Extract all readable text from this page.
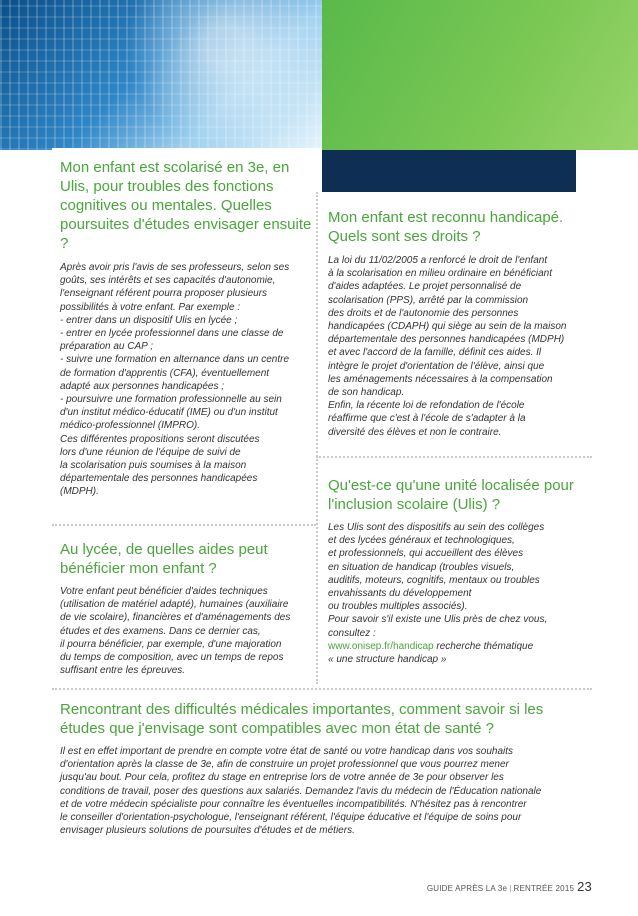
Mon enfant est scolarisé en 3e, en Ulis, pour troubles des fonctions cognitives ou mentales. Quelles poursuites d'études envisager ensuite ?

Après avoir pris l'avis de ses professeurs, selon ses

goûts, ses intérêts et ses capacités d'autonomie,

l'enseignant référent pourra proposer plusieurs

possibilités à votre enfant. Par exemple :

- entrer dans un dispositif Ulis en lycée ;

- entrer en lycée professionnel dans une classe de

préparation au CAP ;

- suivre une formation en alternance dans un centre

de formation d'apprentis (CFA), éventuellement

adapté aux personnes handicapées ;

- poursuivre une formation professionnelle au sein

d'un institut médico-éducatif (IME) ou d'un institut

médico-professionnel (IMPRO).

Ces différentes propositions seront discutées

lors d'une réunion de l'équipe de suivi de

la scolarisation puis soumises à la maison

départementale des personnes handicapées

(MDPH).

Au lycée, de quelles aides peut bénéficier mon enfant ?

Votre enfant peut bénéficier d'aides techniques

(utilisation de matériel adapté), humaines (auxiliaire

de vie scolaire), financières et d'aménagements des

études et des examens. Dans ce dernier cas,

il pourra bénéficier, par exemple, d'une majoration

du temps de composition, avec un temps de repos

suffisant entre les épreuves.

Mon enfant est reconnu handicapé. Quels sont ses droits ?

La loi du 11/02/2005 a renforcé le droit de l'enfant

à la scolarisation en milieu ordinaire en bénéficiant

d'aides adaptées. Le projet personnalisé de

scolarisation (PPS), arrêté par la commission

des droits et de l'autonomie des personnes

handicapées (CDAPH) qui siège au sein de la maison

départementale des personnes handicapées (MDPH)

et avec l'accord de la famille, définit ces aides. Il

intègre le projet d'orientation de l'élève, ainsi que

les aménagements nécessaires à la compensation

de son handicap.

Enfin, la récente loi de refondation de l'école

réaffirme que c'est à l'école de s'adapter à la

diversité des élèves et non le contraire.

Qu'est-ce qu'une unité localisée pour l'inclusion scolaire (Ulis) ?

Les Ulis sont des dispositifs au sein des collèges

et des lycées généraux et technologiques,

et professionnels, qui accueillent des élèves

en situation de handicap (troubles visuels,

auditifs, moteurs, cognitifs, mentaux ou troubles

envahissants du développement

ou troubles multiples associés).

Pour savoir s'il existe une Ulis près de chez vous,

consultez :

www.onisep.fr/handicap recherche thématique

« une structure handicap »

Rencontrant des difficultés médicales importantes, comment savoir si les études que j'envisage sont compatibles avec mon état de santé ?

Il est en effet important de prendre en compte votre état de santé ou votre handicap dans vos souhaits

d'orientation après la classe de 3e, afin de construire un projet professionnel que vous pourrez mener

jusqu'au bout. Pour cela, profitez du stage en entreprise lors de votre année de 3e pour observer les

conditions de travail, poser des questions aux salariés. Demandez l'avis du médecin de l'Éducation nationale

et de votre médecin spécialiste pour connaître les éventuelles incompatibilités. N'hésitez pas à rencontrer

le conseiller d'orientation-psychologue, l'enseignant référent, l'équipe éducative et l'équipe de soins pour

envisager plusieurs solutions de poursuites d'études et de métiers.

GUIDE APRÈS LA 3e | RENTRÉE 2015 23
